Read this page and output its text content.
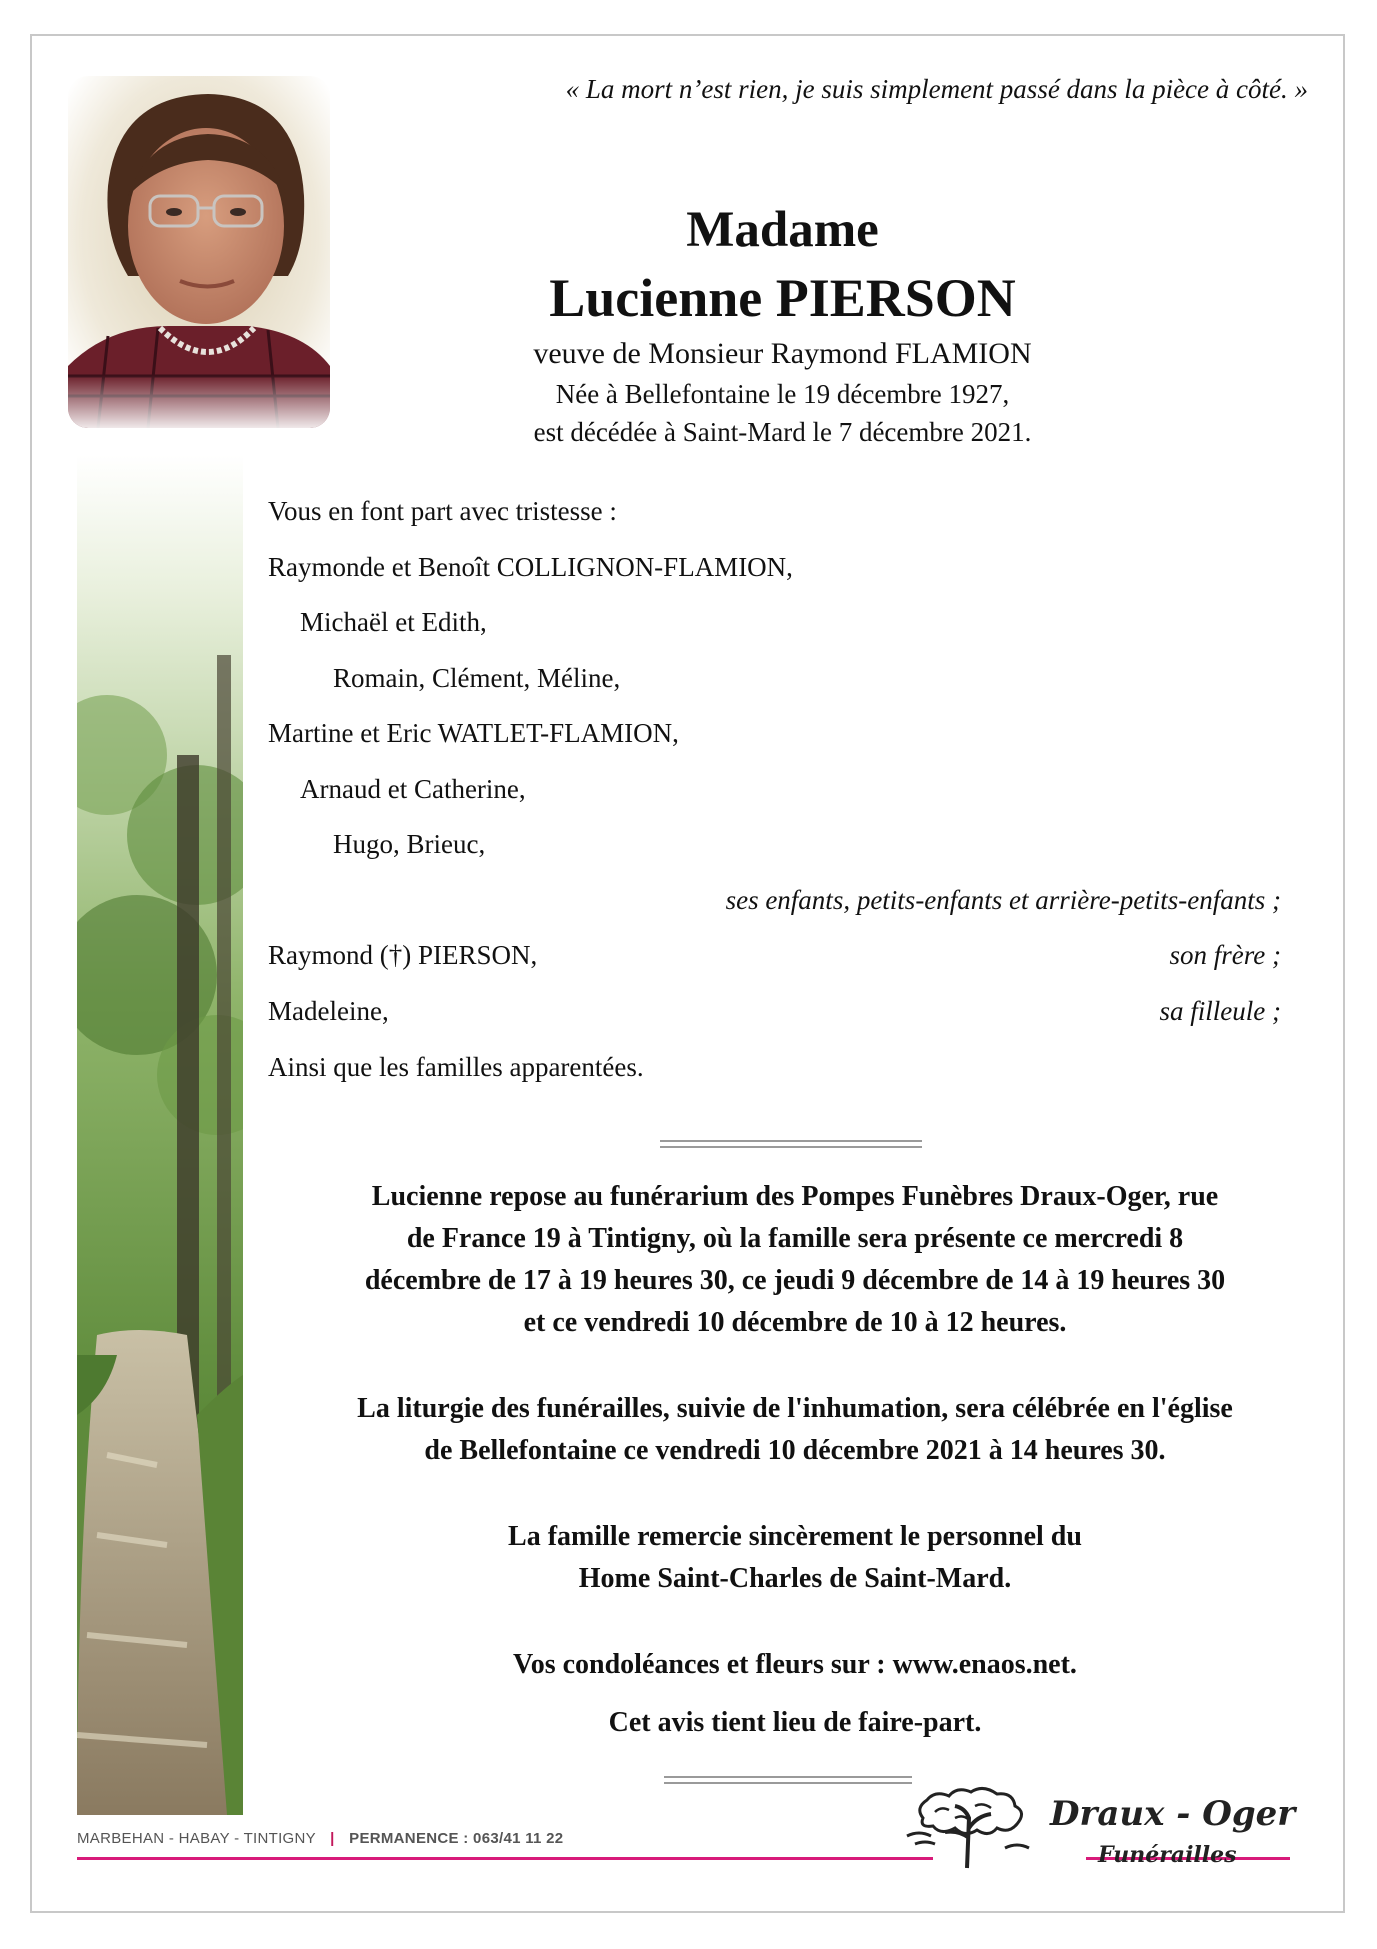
« La mort n’est rien, je suis simplement passé dans la pièce à côté. »
Madame
Lucienne PIERSON
veuve de Monsieur Raymond FLAMION
Née à Bellefontaine le 19 décembre 1927,
est décédée à Saint-Mard le 7 décembre 2021.
Vous en font part avec tristesse :
Raymonde et Benoît COLLIGNON-FLAMION,
Michaël et Edith,
Romain, Clément, Méline,
Martine et Eric WATLET-FLAMION,
Arnaud et Catherine,
Hugo, Brieuc,
ses enfants, petits-enfants et arrière-petits-enfants ;
Raymond (†) PIERSON,	son frère ;
Madeleine,	sa filleule ;
Ainsi que les familles apparentées.
Lucienne repose au funérarium des Pompes Funèbres Draux-Oger, rue
de France 19 à Tintigny, où la famille sera présente ce mercredi 8
décembre de 17 à 19 heures 30, ce jeudi 9 décembre de 14 à 19 heures 30
et ce vendredi 10 décembre de 10 à 12 heures.
La liturgie des funérailles, suivie de l'inhumation, sera célébrée en l'église
de Bellefontaine ce vendredi 10 décembre 2021 à 14 heures 30.
La famille remercie sincèrement le personnel du
Home Saint-Charles de Saint-Mard.
Vos condoléances et fleurs sur : www.enaos.net.
Cet avis tient lieu de faire-part.
MARBEHAN - HABAY - TINTIGNY | PERMANENCE : 063/41 11 22
Draux - Oger
Funérailles
